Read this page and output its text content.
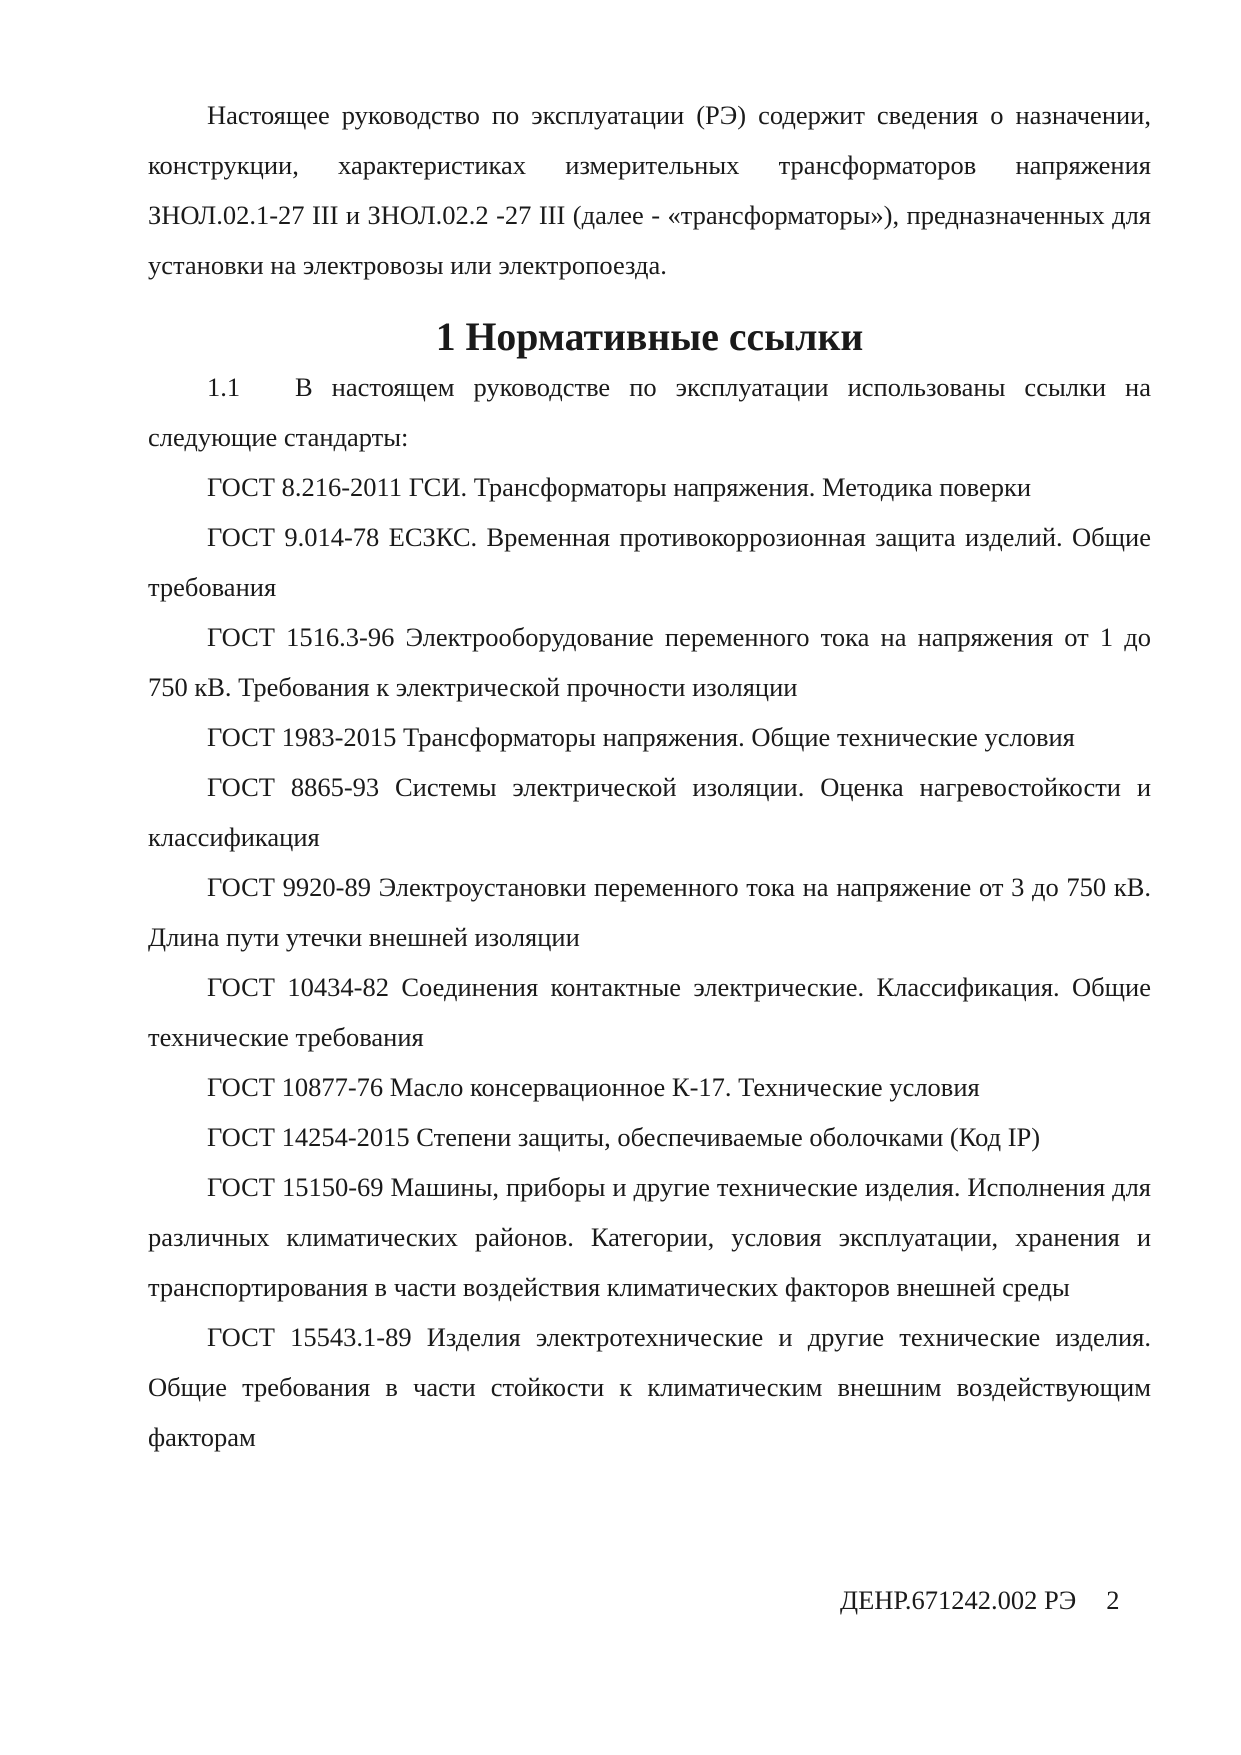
Настоящее руководство по эксплуатации (РЭ) содержит сведения о назначении, конструкции, характеристиках измерительных трансформаторов напряжения ЗНОЛ.02.1-27 III и ЗНОЛ.02.2 -27 III (далее - «трансформаторы»), предназначенных для установки на электровозы или электропоезда.

1 Нормативные ссылки

1.1 В настоящем руководстве по эксплуатации использованы ссылки на следующие стандарты:

ГОСТ 8.216-2011 ГСИ. Трансформаторы напряжения. Методика поверки

ГОСТ 9.014-78 ЕСЗКС. Временная противокоррозионная защита изделий. Общие требования

ГОСТ 1516.3-96 Электрооборудование переменного тока на напряжения от 1 до 750 кВ. Требования к электрической прочности изоляции

ГОСТ 1983-2015 Трансформаторы напряжения. Общие технические условия

ГОСТ 8865-93 Системы электрической изоляции. Оценка нагревостойкости и классификация

ГОСТ 9920-89 Электроустановки переменного тока на напряжение от 3 до 750 кВ. Длина пути утечки внешней изоляции

ГОСТ 10434-82 Соединения контактные электрические. Классификация. Общие технические требования

ГОСТ 10877-76 Масло консервационное К-17. Технические условия

ГОСТ 14254-2015 Степени защиты, обеспечиваемые оболочками (Код IP)

ГОСТ 15150-69 Машины, приборы и другие технические изделия. Исполнения для различных климатических районов. Категории, условия эксплуатации, хранения и транспортирования в части воздействия климатических факторов внешней среды

ГОСТ 15543.1-89 Изделия электротехнические и другие технические изделия. Общие требования в части стойкости к климатическим внешним воздействующим факторам

ДЕНР.671242.002 РЭ 2
